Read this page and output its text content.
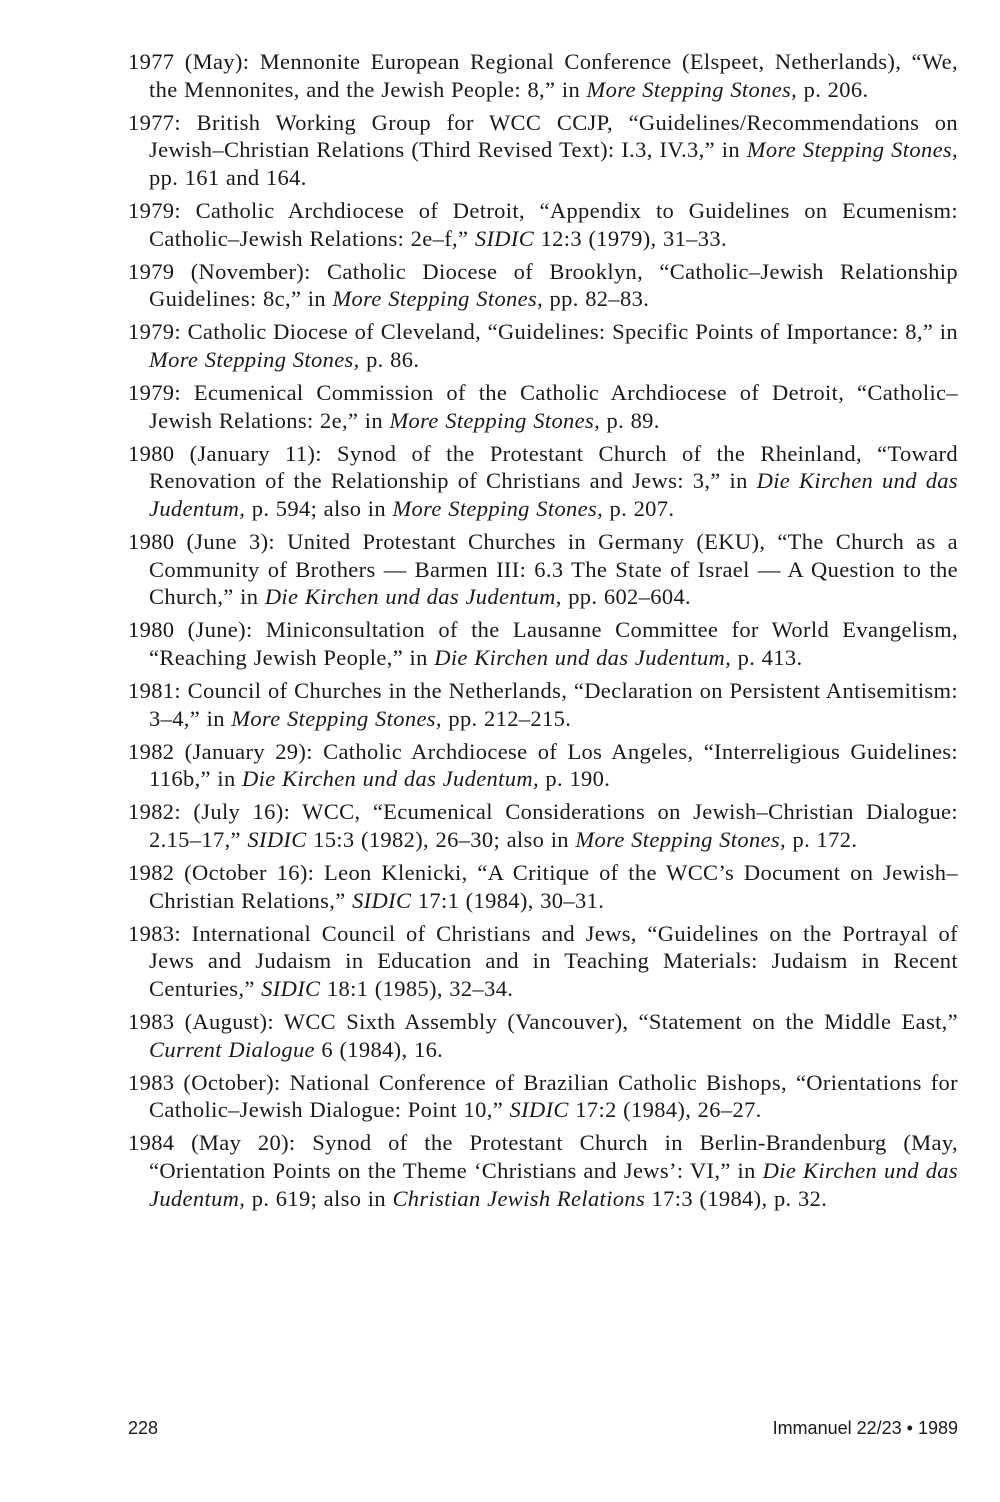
1977 (May): Mennonite European Regional Conference (Elspeet, Netherlands), “We, the Mennonites, and the Jewish People: 8,” in More Stepping Stones, p. 206.

1977: British Working Group for WCC CCJP, “Guidelines/Recommendations on Jewish–Christian Relations (Third Revised Text): I.3, IV.3,” in More Stepping Stones, pp. 161 and 164.

1979: Catholic Archdiocese of Detroit, “Appendix to Guidelines on Ecumenism: Catholic–Jewish Relations: 2e–f,” SIDIC 12:3 (1979), 31–33.

1979 (November): Catholic Diocese of Brooklyn, “Catholic–Jewish Relationship Guidelines: 8c,” in More Stepping Stones, pp. 82–83.

1979: Catholic Diocese of Cleveland, “Guidelines: Specific Points of Importance: 8,” in More Stepping Stones, p. 86.

1979: Ecumenical Commission of the Catholic Archdiocese of Detroit, “Catholic–Jewish Relations: 2e,” in More Stepping Stones, p. 89.

1980 (January 11): Synod of the Protestant Church of the Rheinland, “Toward Renovation of the Relationship of Christians and Jews: 3,” in Die Kirchen und das Judentum, p. 594; also in More Stepping Stones, p. 207.

1980 (June 3): United Protestant Churches in Germany (EKU), “The Church as a Community of Brothers — Barmen III: 6.3 The State of Israel — A Question to the Church,” in Die Kirchen und das Judentum, pp. 602–604.

1980 (June): Miniconsultation of the Lausanne Committee for World Evangelism, “Reaching Jewish People,” in Die Kirchen und das Judentum, p. 413.

1981: Council of Churches in the Netherlands, “Declaration on Persistent Antisemitism: 3–4,” in More Stepping Stones, pp. 212–215.

1982 (January 29): Catholic Archdiocese of Los Angeles, “Interreligious Guidelines: 116b,” in Die Kirchen und das Judentum, p. 190.

1982: (July 16): WCC, “Ecumenical Considerations on Jewish–Christian Dialogue: 2.15–17,” SIDIC 15:3 (1982), 26–30; also in More Stepping Stones, p. 172.

1982 (October 16): Leon Klenicki, “A Critique of the WCC’s Document on Jewish–Christian Relations,” SIDIC 17:1 (1984), 30–31.

1983: International Council of Christians and Jews, “Guidelines on the Portrayal of Jews and Judaism in Education and in Teaching Materials: Judaism in Recent Centuries,” SIDIC 18:1 (1985), 32–34.

1983 (August): WCC Sixth Assembly (Vancouver), “Statement on the Middle East,” Current Dialogue 6 (1984), 16.

1983 (October): National Conference of Brazilian Catholic Bishops, “Orientations for Catholic–Jewish Dialogue: Point 10,” SIDIC 17:2 (1984), 26–27.

1984 (May 20): Synod of the Protestant Church in Berlin-Brandenburg (May, “Orientation Points on the Theme ‘Christians and Jews’: VI,” in Die Kirchen und das Judentum, p. 619; also in Christian Jewish Relations 17:3 (1984), p. 32.

228	Immanuel 22/23 • 1989
